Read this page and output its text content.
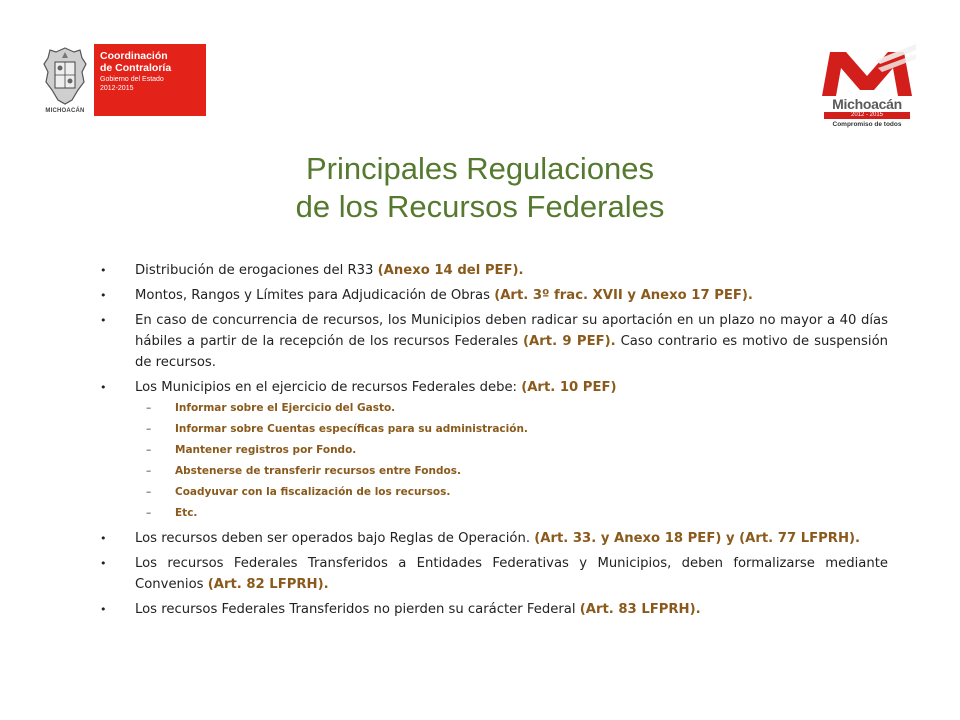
MICHOACÁN
Coordinación
de Contraloría
Gobierno del Estado
2012-2015
Michoacán
2012 - 2015
Compromiso de todos
Principales Regulaciones
de los Recursos Federales
•	Distribución de erogaciones del R33 (Anexo 14 del PEF).
•	Montos, Rangos y Límites para Adjudicación de Obras (Art. 3º frac. XVII y Anexo 17 PEF).
•	En caso de concurrencia de recursos, los Municipios deben radicar su aportación en un plazo no mayor a 40 días hábiles a partir de la recepción de los recursos Federales (Art. 9 PEF). Caso contrario es motivo de suspensión de recursos.
•	Los Municipios en el ejercicio de recursos Federales debe: (Art. 10 PEF)
– Informar sobre el Ejercicio del Gasto.
– Informar sobre Cuentas específicas para su administración.
– Mantener registros por Fondo.
– Abstenerse de transferir recursos entre Fondos.
– Coadyuvar con la fiscalización de los recursos.
– Etc.
•	Los recursos deben ser operados bajo Reglas de Operación. (Art. 33. y Anexo 18 PEF) y (Art. 77 LFPRH).
•	Los recursos Federales Transferidos a Entidades Federativas y Municipios, deben formalizarse mediante Convenios (Art. 82 LFPRH).
•	Los recursos Federales Transferidos no pierden su carácter Federal (Art. 83 LFPRH).
